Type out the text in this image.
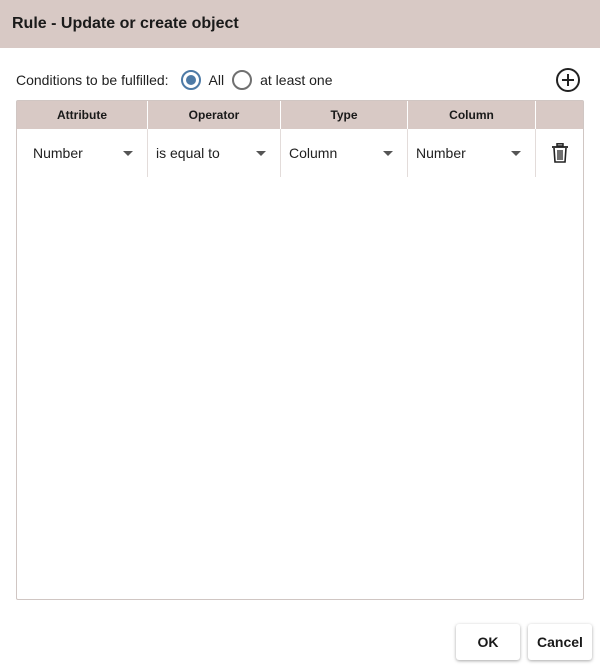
Rule - Update or create object
Conditions to be fulfilled:	All	at least one
Attribute	Operator	Type	Column
Number	is equal to	Column	Number
OK	Cancel
